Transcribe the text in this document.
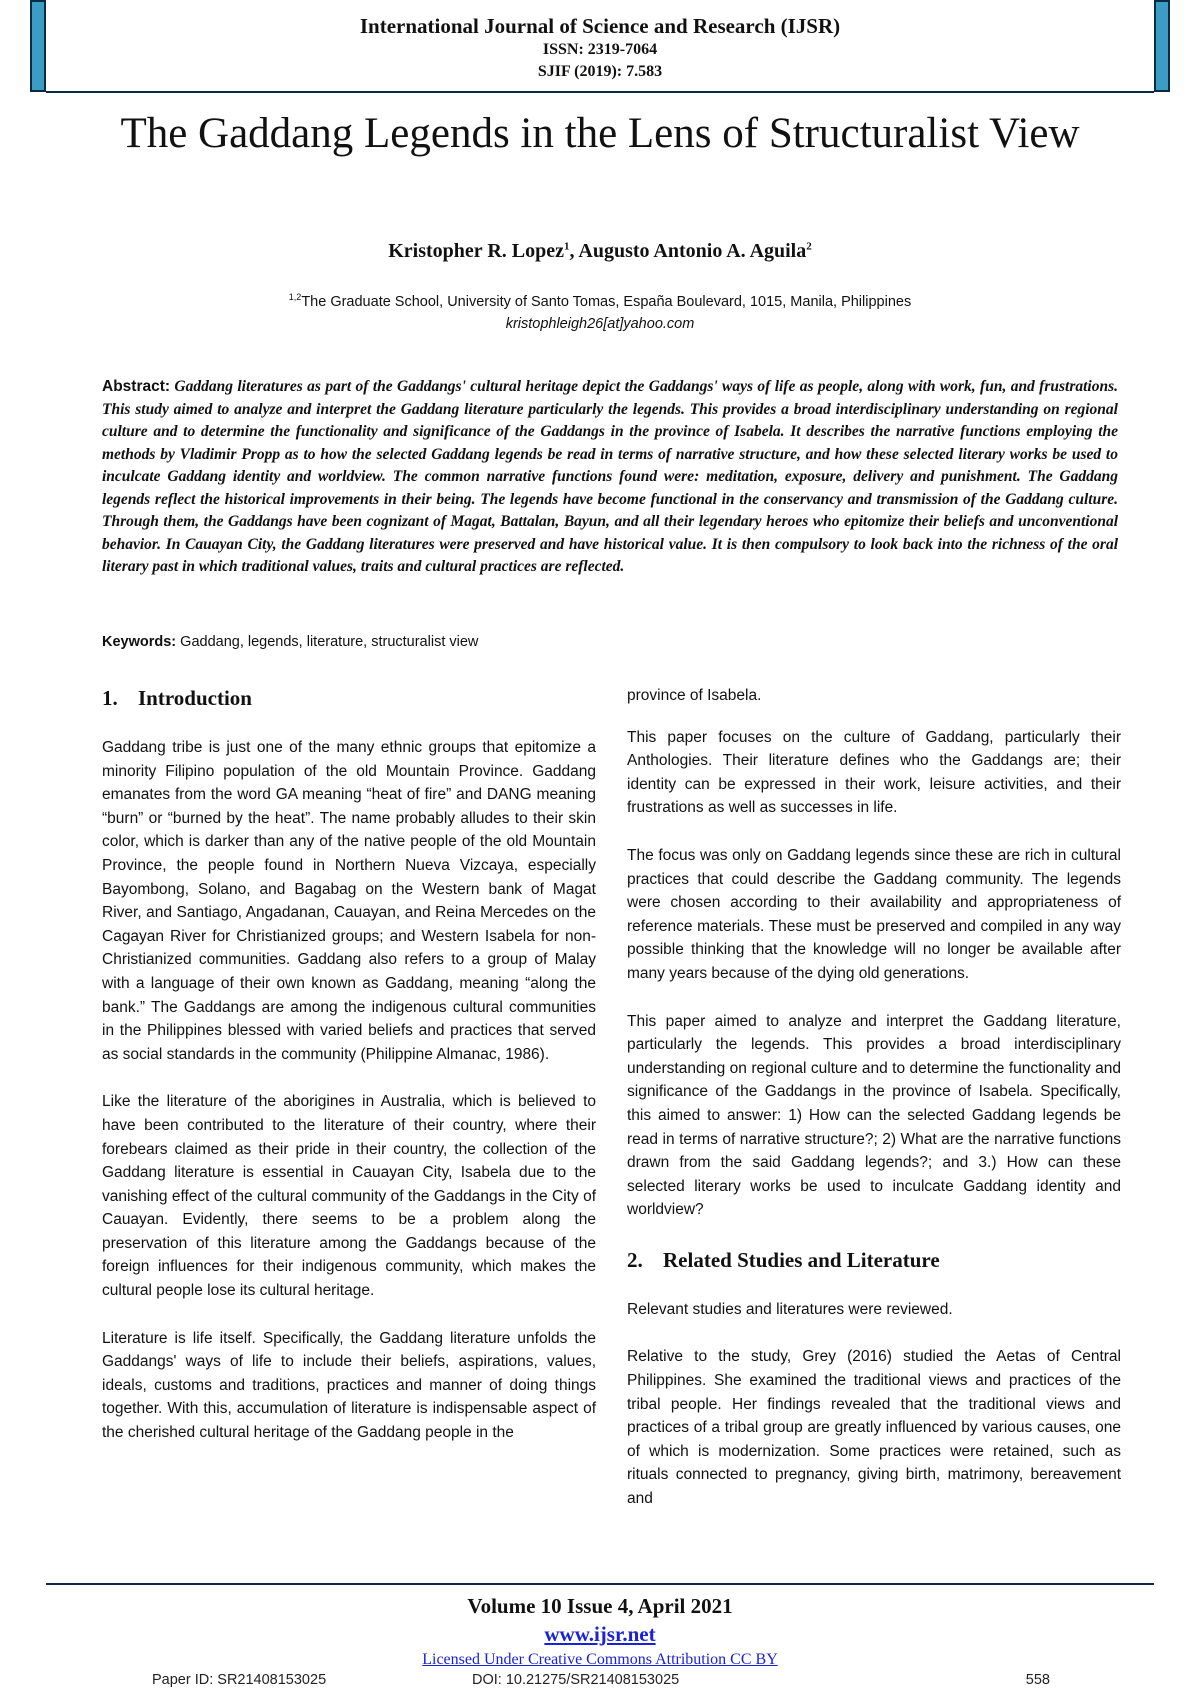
International Journal of Science and Research (IJSR)
ISSN: 2319-7064
SJIF (2019): 7.583
The Gaddang Legends in the Lens of Structuralist View
Kristopher R. Lopez$^1$, Augusto Antonio A. Aguila$^2$
$^{1,2}$The Graduate School, University of Santo Tomas, España Boulevard, 1015, Manila, Philippines
kristophleigh26[at]yahoo.com
Abstract: Gaddang literatures as part of the Gaddangs' cultural heritage depict the Gaddangs' ways of life as people, along with work, fun, and frustrations. This study aimed to analyze and interpret the Gaddang literature particularly the legends. This provides a broad interdisciplinary understanding on regional culture and to determine the functionality and significance of the Gaddangs in the province of Isabela. It describes the narrative functions employing the methods by Vladimir Propp as to how the selected Gaddang legends be read in terms of narrative structure, and how these selected literary works be used to inculcate Gaddang identity and worldview. The common narrative functions found were: meditation, exposure, delivery and punishment. The Gaddang legends reflect the historical improvements in their being. The legends have become functional in the conservancy and transmission of the Gaddang culture. Through them, the Gaddangs have been cognizant of Magat, Battalan, Bayun, and all their legendary heroes who epitomize their beliefs and unconventional behavior. In Cauayan City, the Gaddang literatures were preserved and have historical value. It is then compulsory to look back into the richness of the oral literary past in which traditional values, traits and cultural practices are reflected.
Keywords: Gaddang, legends, literature, structuralist view
1. Introduction

Gaddang tribe is just one of the many ethnic groups that epitomize a minority Filipino population of the old Mountain Province. Gaddang emanates from the word GA meaning “heat of fire” and DANG meaning “burn” or “burned by the heat”. The name probably alludes to their skin color, which is darker than any of the native people of the old Mountain Province, the people found in Northern Nueva Vizcaya, especially Bayombong, Solano, and Bagabag on the Western bank of Magat River, and Santiago, Angadanan, Cauayan, and Reina Mercedes on the Cagayan River for Christianized groups; and Western Isabela for non-Christianized communities. Gaddang also refers to a group of Malay with a language of their own known as Gaddang, meaning “along the bank.” The Gaddangs are among the indigenous cultural communities in the Philippines blessed with varied beliefs and practices that served as social standards in the community (Philippine Almanac, 1986).

Like the literature of the aborigines in Australia, which is believed to have been contributed to the literature of their country, where their forebears claimed as their pride in their country, the collection of the Gaddang literature is essential in Cauayan City, Isabela due to the vanishing effect of the cultural community of the Gaddangs in the City of Cauayan. Evidently, there seems to be a problem along the preservation of this literature among the Gaddangs because of the foreign influences for their indigenous community, which makes the cultural people lose its cultural heritage.

Literature is life itself. Specifically, the Gaddang literature unfolds the Gaddangs' ways of life to include their beliefs, aspirations, values, ideals, customs and traditions, practices and manner of doing things together. With this, accumulation of literature is indispensable aspect of the cherished cultural heritage of the Gaddang people in the

province of Isabela.

This paper focuses on the culture of Gaddang, particularly their Anthologies. Their literature defines who the Gaddangs are; their identity can be expressed in their work, leisure activities, and their frustrations as well as successes in life.

The focus was only on Gaddang legends since these are rich in cultural practices that could describe the Gaddang community. The legends were chosen according to their availability and appropriateness of reference materials. These must be preserved and compiled in any way possible thinking that the knowledge will no longer be available after many years because of the dying old generations.

This paper aimed to analyze and interpret the Gaddang literature, particularly the legends. This provides a broad interdisciplinary understanding on regional culture and to determine the functionality and significance of the Gaddangs in the province of Isabela. Specifically, this aimed to answer: 1) How can the selected Gaddang legends be read in terms of narrative structure?; 2) What are the narrative functions drawn from the said Gaddang legends?; and 3.) How can these selected literary works be used to inculcate Gaddang identity and worldview?

2. Related Studies and Literature

Relevant studies and literatures were reviewed.

Relative to the study, Grey (2016) studied the Aetas of Central Philippines. She examined the traditional views and practices of the tribal people. Her findings revealed that the traditional views and practices of a tribal group are greatly influenced by various causes, one of which is modernization. Some practices were retained, such as rituals connected to pregnancy, giving birth, matrimony, bereavement and

Volume 10 Issue 4, April 2021
www.ijsr.net
Licensed Under Creative Commons Attribution CC BY
Paper ID: SR21408153025	DOI: 10.21275/SR21408153025	558
